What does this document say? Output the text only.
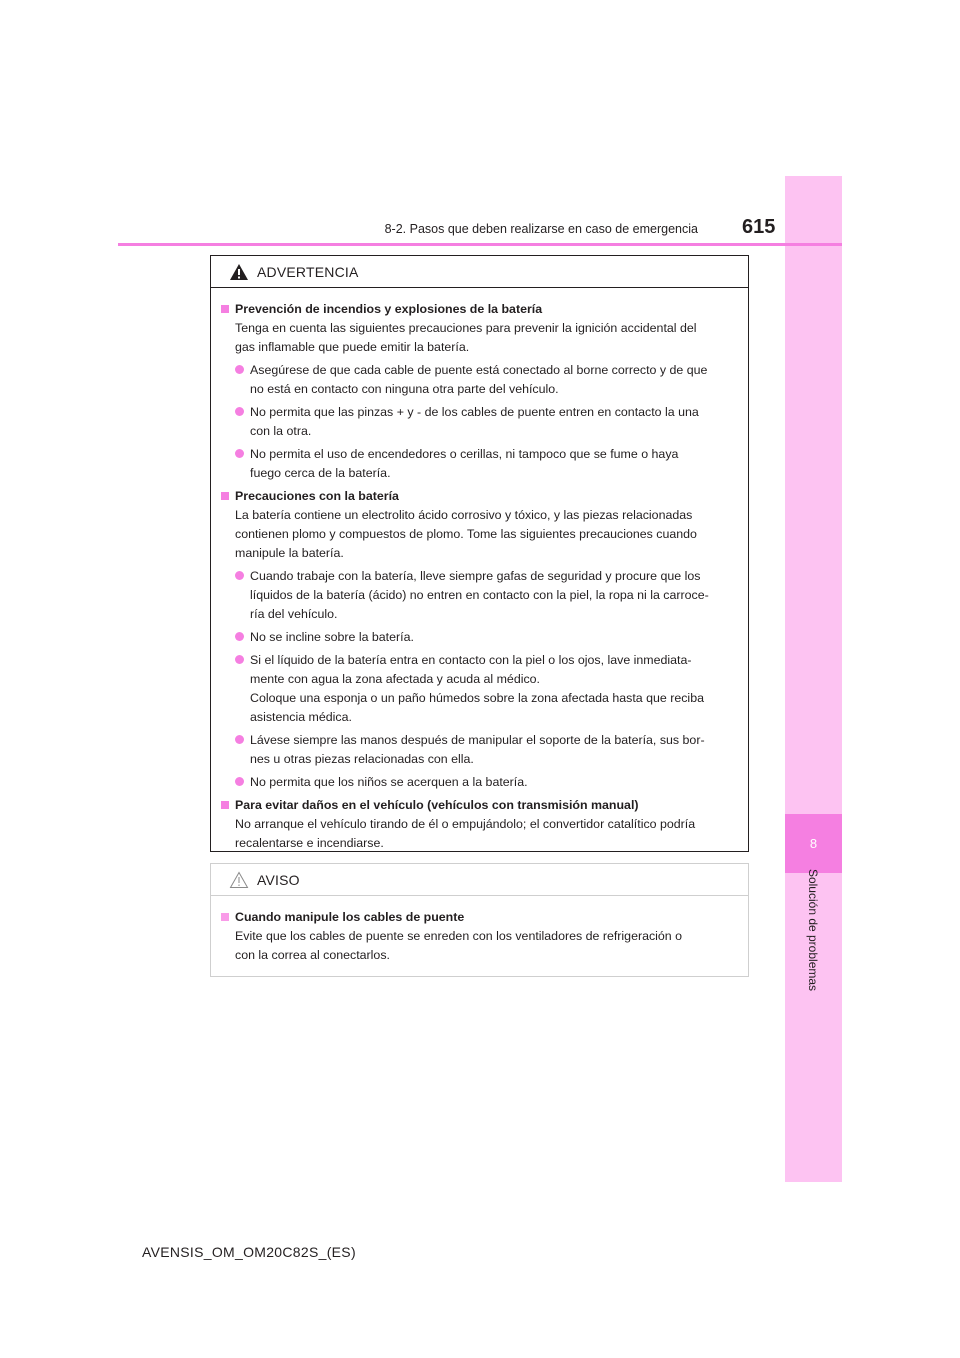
8
Solución de problemas
8-2. Pasos que deben realizarse en caso de emergencia 615
ADVERTENCIA
Prevención de incendios y explosiones de la batería
Tenga en cuenta las siguientes precauciones para prevenir la ignición accidental del
gas inflamable que puede emitir la batería.
Asegúrese de que cada cable de puente está conectado al borne correcto y de que
no está en contacto con ninguna otra parte del vehículo.
No permita que las pinzas + y - de los cables de puente entren en contacto la una
con la otra.
No permita el uso de encendedores o cerillas, ni tampoco que se fume o haya
fuego cerca de la batería.
Precauciones con la batería
La batería contiene un electrolito ácido corrosivo y tóxico, y las piezas relacionadas
contienen plomo y compuestos de plomo. Tome las siguientes precauciones cuando
manipule la batería.
Cuando trabaje con la batería, lleve siempre gafas de seguridad y procure que los
líquidos de la batería (ácido) no entren en contacto con la piel, la ropa ni la carroce-
ría del vehículo.
No se incline sobre la batería.
Si el líquido de la batería entra en contacto con la piel o los ojos, lave inmediata-
mente con agua la zona afectada y acuda al médico.
Coloque una esponja o un paño húmedos sobre la zona afectada hasta que reciba
asistencia médica.
Lávese siempre las manos después de manipular el soporte de la batería, sus bor-
nes u otras piezas relacionadas con ella.
No permita que los niños se acerquen a la batería.
Para evitar daños en el vehículo (vehículos con transmisión manual)
No arranque el vehículo tirando de él o empujándolo; el convertidor catalítico podría
recalentarse e incendiarse.
AVISO
Cuando manipule los cables de puente
Evite que los cables de puente se enreden con los ventiladores de refrigeración o
con la correa al conectarlos.
AVENSIS_OM_OM20C82S_(ES)
